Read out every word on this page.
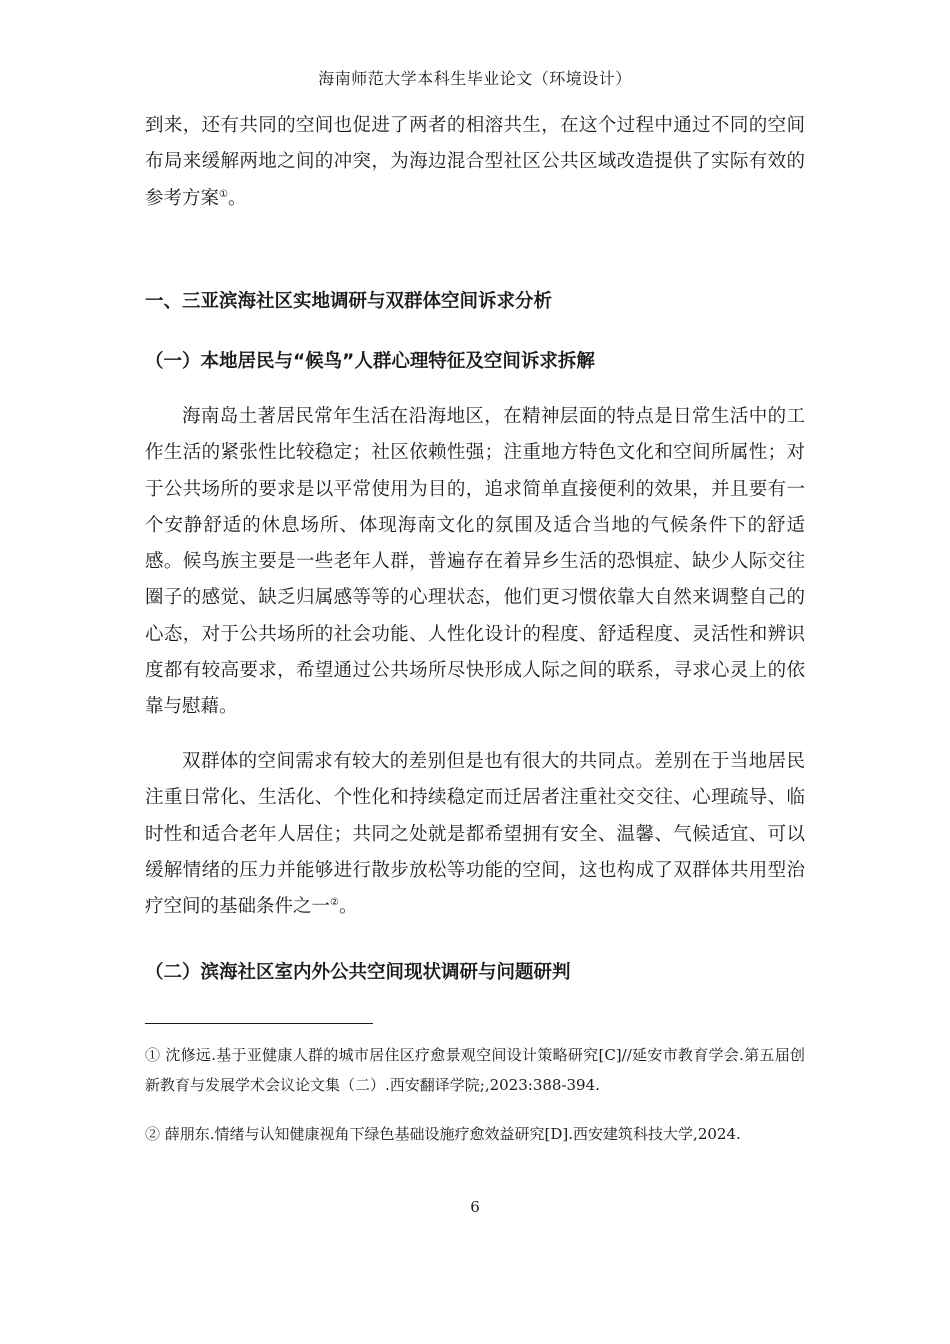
海南师范大学本科生毕业论文（环境设计）

到来，还有共同的空间也促进了两者的相溶共生，在这个过程中通过不同的空间布局来缓解两地之间的冲突，为海边混合型社区公共区域改造提供了实际有效的参考方案①。

一、三亚滨海社区实地调研与双群体空间诉求分析
（一）本地居民与“候鸟”人群心理特征及空间诉求拆解

海南岛土著居民常年生活在沿海地区，在精神层面的特点是日常生活中的工作生活的紧张性比较稳定；社区依赖性强；注重地方特色文化和空间所属性；对于公共场所的要求是以平常使用为目的，追求简单直接便利的效果，并且要有一个安静舒适的休息场所、体现海南文化的氛围及适合当地的气候条件下的舒适感。候鸟族主要是一些老年人群，普遍存在着异乡生活的恐惧症、缺少人际交往圈子的感觉、缺乏归属感等等的心理状态，他们更习惯依靠大自然来调整自己的心态，对于公共场所的社会功能、人性化设计的程度、舒适程度、灵活性和辨识度都有较高要求，希望通过公共场所尽快形成人际之间的联系，寻求心灵上的依靠与慰藉。

双群体的空间需求有较大的差别但是也有很大的共同点。差别在于当地居民注重日常化、生活化、个性化和持续稳定而迁居者注重社交交往、心理疏导、临时性和适合老年人居住；共同之处就是都希望拥有安全、温馨、气候适宜、可以缓解情绪的压力并能够进行散步放松等功能的空间，这也构成了双群体共用型治疗空间的基础条件之一②。

（二）滨海社区室内外公共空间现状调研与问题研判

① 沈修远.基于亚健康人群的城市居住区疗愈景观空间设计策略研究[C]//延安市教育学会.第五届创新教育与发展学术会议论文集（二）.西安翻译学院;,2023:388-394.

② 薛朋东.情绪与认知健康视角下绿色基础设施疗愈效益研究[D].西安建筑科技大学,2024.

6
